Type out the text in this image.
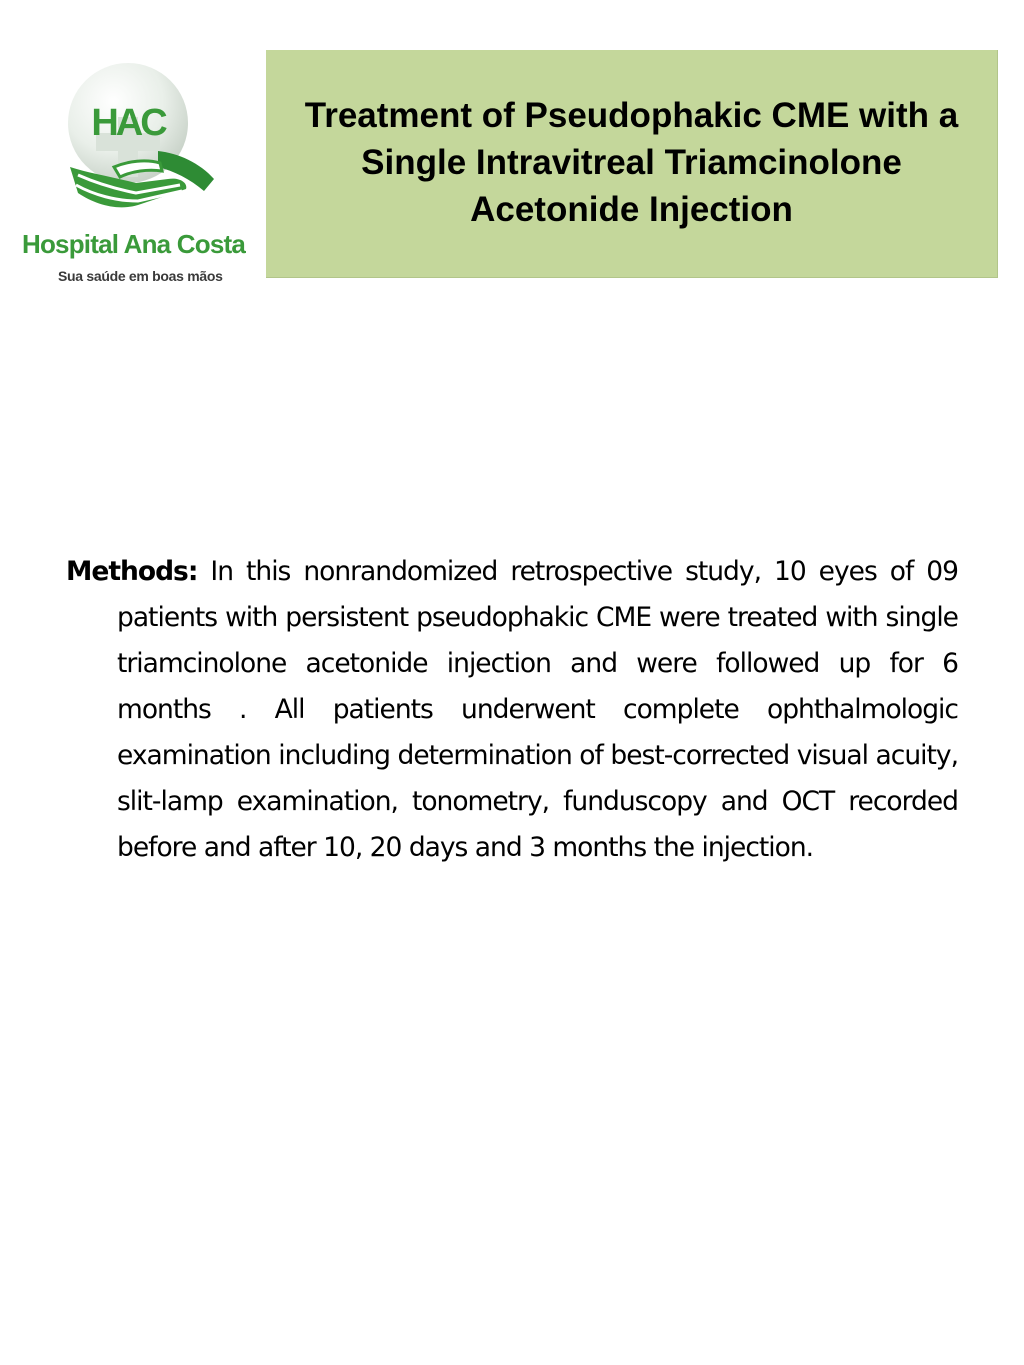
HAC
Hospital Ana Costa
Sua saúde em boas mãos
Treatment of Pseudophakic CME with a Single Intravitreal Triamcinolone Acetonide Injection

Methods: In this nonrandomized retrospective study, 10 eyes of 09 patients with persistent pseudophakic CME were treated with single triamcinolone acetonide injection and were followed up for 6 months . All patients underwent complete ophthalmologic examination including determination of best-corrected visual acuity, slit-lamp examination, tonometry, funduscopy and OCT recorded before and after 10, 20 days and 3 months the injection.
